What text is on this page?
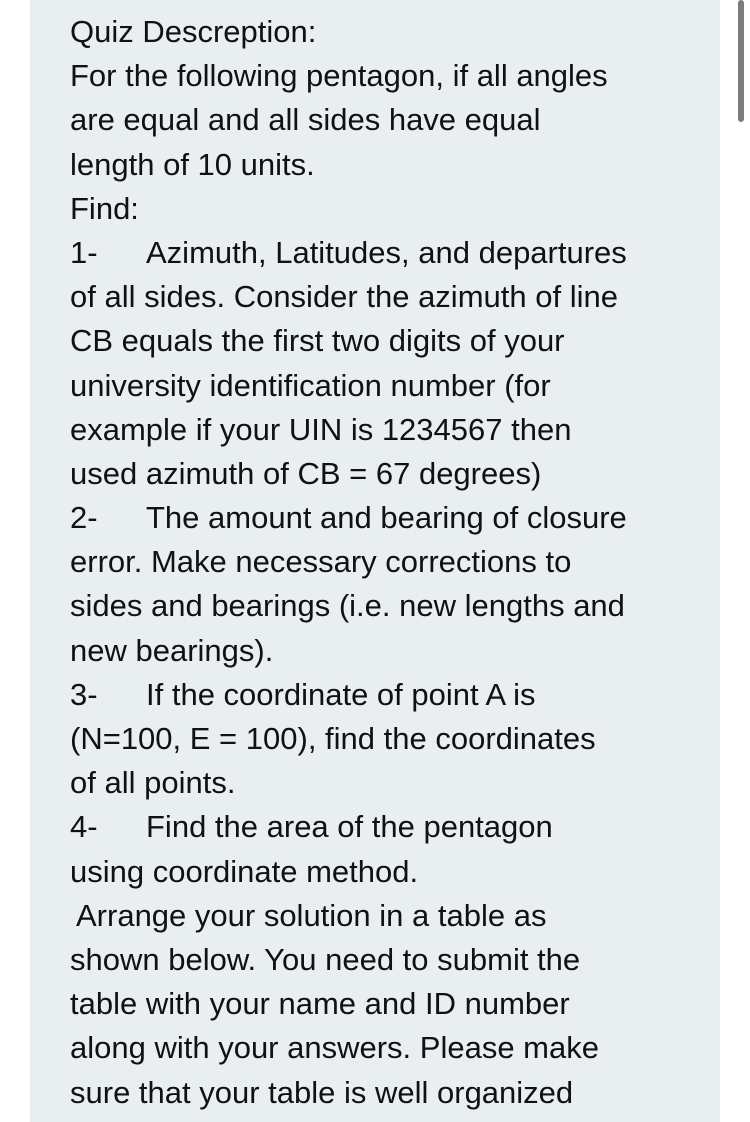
Quiz Descreption:
For the following pentagon, if all angles
are equal and all sides have equal
length of 10 units.
Find:
1- Azimuth, Latitudes, and departures
of all sides. Consider the azimuth of line
CB equals the first two digits of your
university identification number (for
example if your UIN is 1234567 then
used azimuth of CB = 67 degrees)
2- The amount and bearing of closure
error. Make necessary corrections to
sides and bearings (i.e. new lengths and
new bearings).
3- If the coordinate of point A is
(N=100, E = 100), find the coordinates
of all points.
4- Find the area of the pentagon
using coordinate method.
Arrange your solution in a table as
shown below. You need to submit the
table with your name and ID number
along with your answers. Please make
sure that your table is well organized
